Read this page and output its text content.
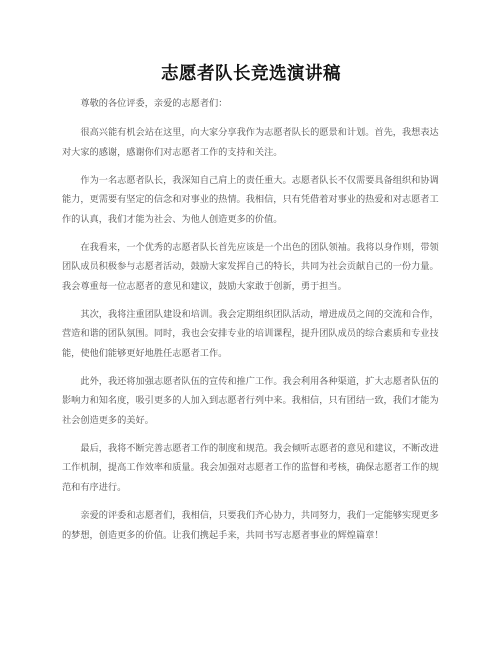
志愿者队长竞选演讲稿

尊敬的各位评委，亲爱的志愿者们：

很高兴能有机会站在这里，向大家分享我作为志愿者队长的愿景和计划。首先，我想表达对大家的感谢，感谢你们对志愿者工作的支持和关注。

作为一名志愿者队长，我深知自己肩上的责任重大。志愿者队长不仅需要具备组织和协调能力，更需要有坚定的信念和对事业的热情。我相信，只有凭借着对事业的热爱和对志愿者工作的认真，我们才能为社会、为他人创造更多的价值。

在我看来，一个优秀的志愿者队长首先应该是一个出色的团队领袖。我将以身作则，带领团队成员积极参与志愿者活动，鼓励大家发挥自己的特长，共同为社会贡献自己的一份力量。我会尊重每一位志愿者的意见和建议，鼓励大家敢于创新，勇于担当。

其次，我将注重团队建设和培训。我会定期组织团队活动，增进成员之间的交流和合作，营造和谐的团队氛围。同时，我也会安排专业的培训课程，提升团队成员的综合素质和专业技能，使他们能够更好地胜任志愿者工作。

此外，我还将加强志愿者队伍的宣传和推广工作。我会利用各种渠道，扩大志愿者队伍的影响力和知名度，吸引更多的人加入到志愿者行列中来。我相信，只有团结一致，我们才能为社会创造更多的美好。

最后，我将不断完善志愿者工作的制度和规范。我会倾听志愿者的意见和建议，不断改进工作机制，提高工作效率和质量。我会加强对志愿者工作的监督和考核，确保志愿者工作的规范和有序进行。

亲爱的评委和志愿者们，我相信，只要我们齐心协力，共同努力，我们一定能够实现更多的梦想，创造更多的价值。让我们携起手来，共同书写志愿者事业的辉煌篇章！
